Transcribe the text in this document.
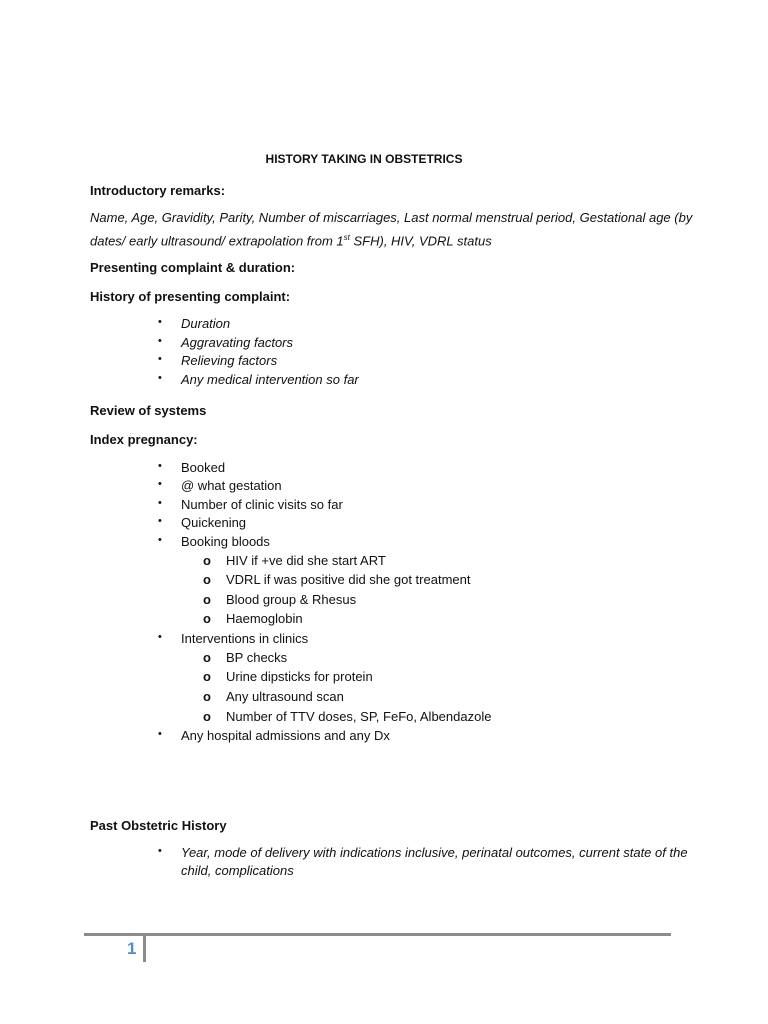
HISTORY TAKING IN OBSTETRICS
Introductory remarks:
Name, Age, Gravidity, Parity, Number of miscarriages, Last normal menstrual period, Gestational age (by
dates/ early ultrasound/ extrapolation from 1st SFH), HIV, VDRL status
Presenting complaint & duration:
History of presenting complaint:
• Duration
• Aggravating factors
• Relieving factors
• Any medical intervention so far
Review of systems
Index pregnancy:
• Booked
• @ what gestation
• Number of clinic visits so far
• Quickening
• Booking bloods
o HIV if +ve did she start ART
o VDRL if was positive did she got treatment
o Blood group & Rhesus
o Haemoglobin
• Interventions in clinics
o BP checks
o Urine dipsticks for protein
o Any ultrasound scan
o Number of TTV doses, SP, FeFo, Albendazole
• Any hospital admissions and any Dx
Past Obstetric History
• Year, mode of delivery with indications inclusive, perinatal outcomes, current state of the
child, complications
1
